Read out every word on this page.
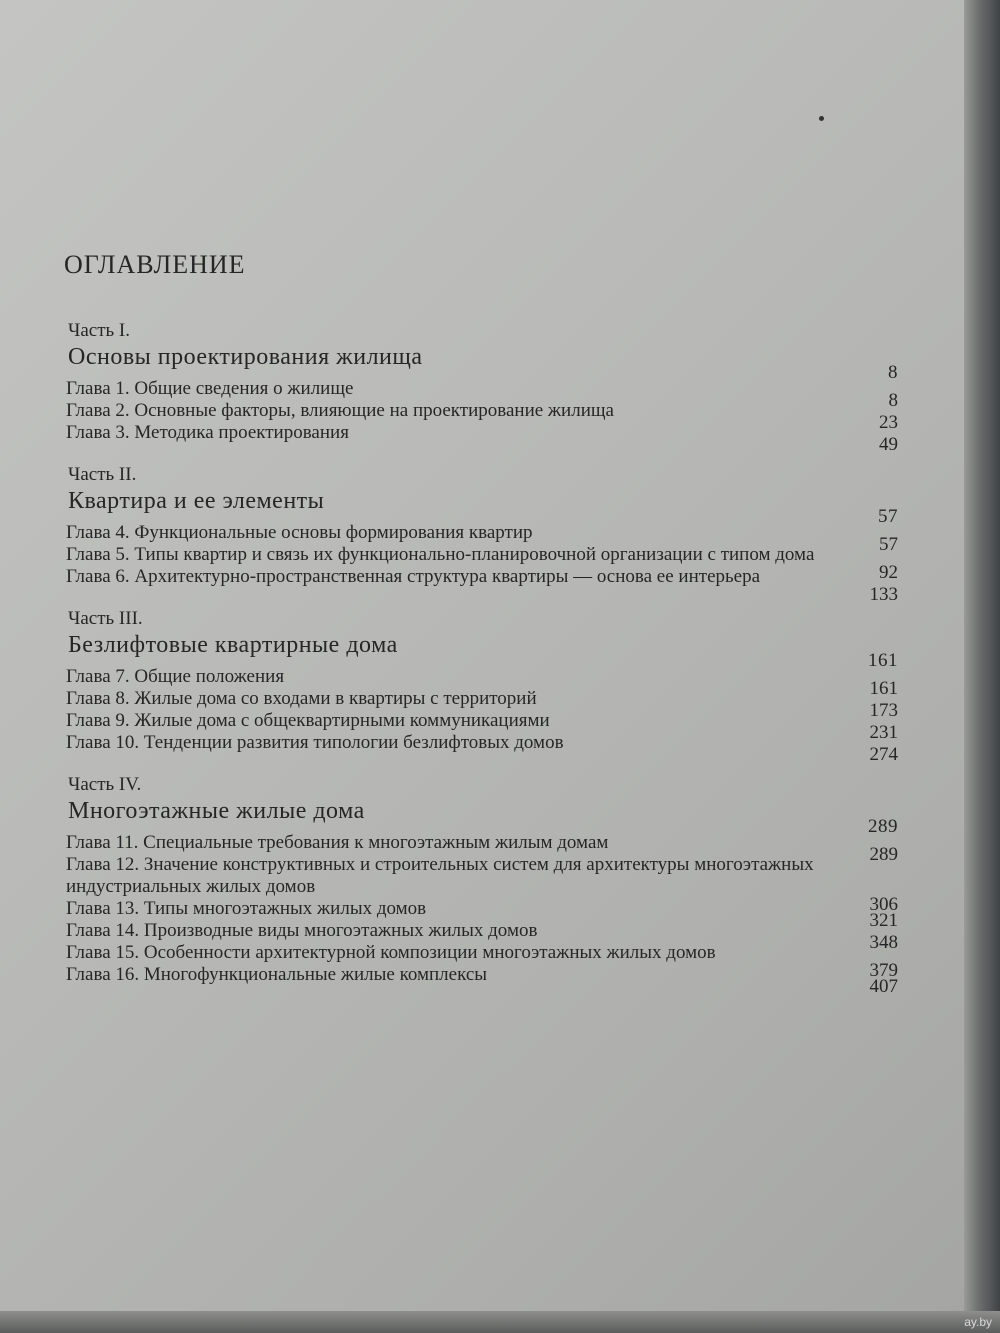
ОГЛАВЛЕНИЕ
Часть I.
Основы проектирования жилища
8
Глава 1. Общие сведения о жилище
8
Глава 2. Основные факторы, влияющие на проектирование жилища
23
Глава 3. Методика проектирования
49
Часть II.
Квартира и ее элементы
57
Глава 4. Функциональные основы формирования квартир
57
Глава 5. Типы квартир и связь их функционально-планировочной организации с типом дома
92
Глава 6. Архитектурно-пространственная структура квартиры — основа ее интерьера
133
Часть III.
Безлифтовые квартирные дома
161
Глава 7. Общие положения
161
Глава 8. Жилые дома со входами в квартиры с территорий
173
Глава 9. Жилые дома с общеквартирными коммуникациями
231
Глава 10. Тенденции развития типологии безлифтовых домов
274
Часть IV.
Многоэтажные жилые дома
289
Глава 11. Специальные требования к многоэтажным жилым домам
289
Глава 12. Значение конструктивных и строительных систем для архитектуры многоэтажных индустриальных жилых домов
306
Глава 13. Типы многоэтажных жилых домов
321
Глава 14. Производные виды многоэтажных жилых домов
348
Глава 15. Особенности архитектурной композиции многоэтажных жилых домов
379
Глава 16. Многофункциональные жилые комплексы
407
ay.by
